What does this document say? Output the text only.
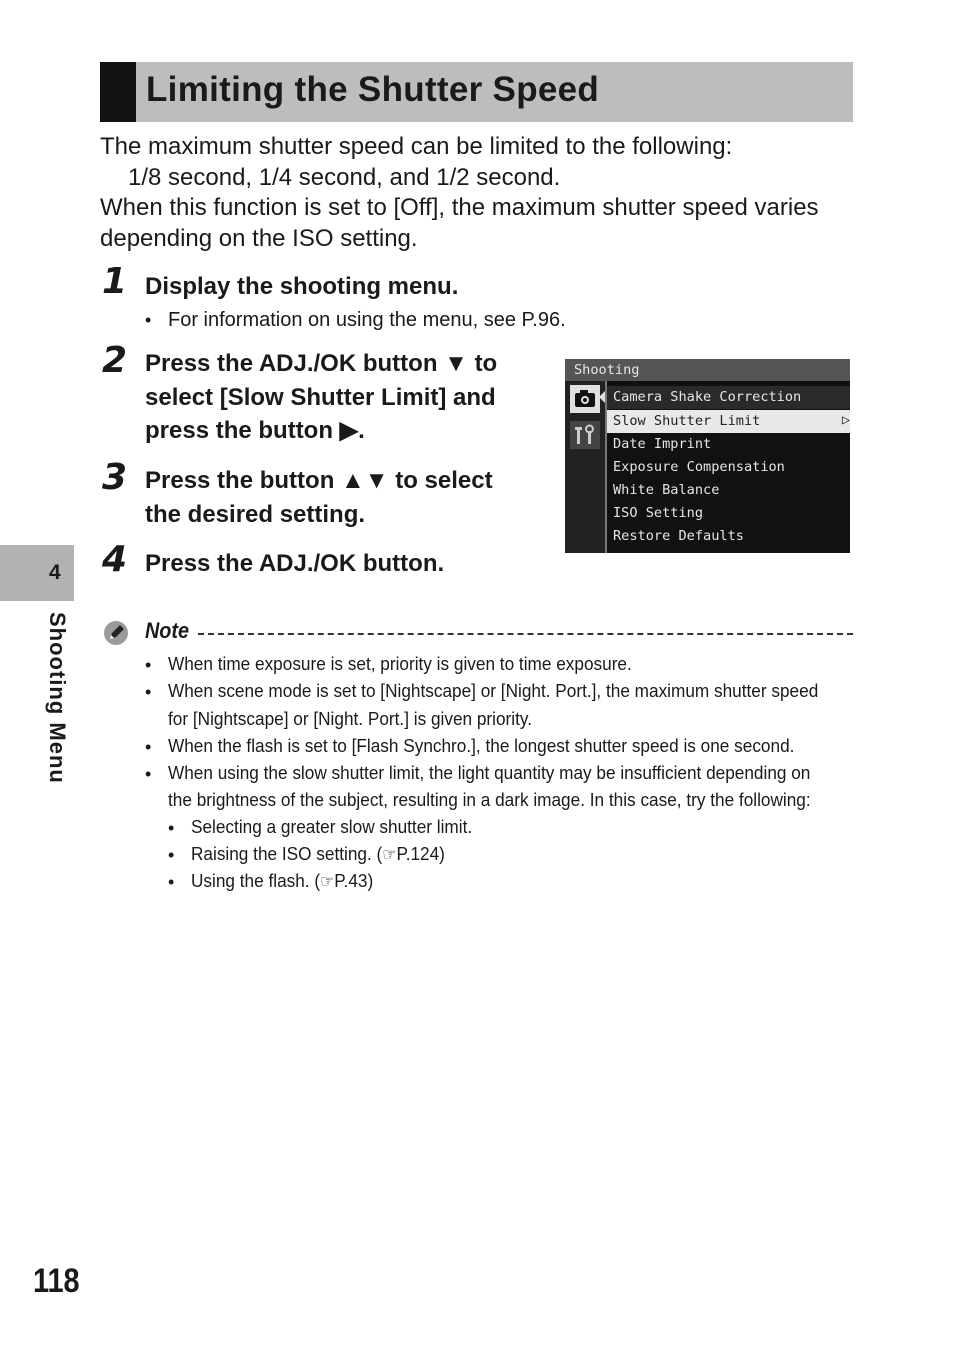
Limiting the Shutter Speed

The maximum shutter speed can be limited to the following:

1/8 second, 1/4 second, and 1/2 second.

When this function is set to [Off], the maximum shutter speed varies

depending on the ISO setting.

1 Display the shooting menu.
• For information on using the menu, see P.96.
2 Press the ADJ./OK button ▼ to
select [Slow Shutter Limit] and
press the button ▶.
3 Press the button ▲▼ to select
the desired setting.
4 Press the ADJ./OK button.
Shooting
Camera Shake Correction
Slow Shutter Limit	▷
Date Imprint
Exposure Compensation
White Balance
ISO Setting
Restore Defaults
4
Shooting Menu	Note
• When time exposure is set, priority is given to time exposure.
• When scene mode is set to [Nightscape] or [Night. Port.], the maximum shutter speed
for [Nightscape] or [Night. Port.] is given priority.
• When the flash is set to [Flash Synchro.], the longest shutter speed is one second.
• When using the slow shutter limit, the light quantity may be insufficient depending on
the brightness of the subject, resulting in a dark image. In this case, try the following:
• Selecting a greater slow shutter limit.
• Raising the ISO setting. (☞P.124)
• Using the flash. (☞P.43)
118
